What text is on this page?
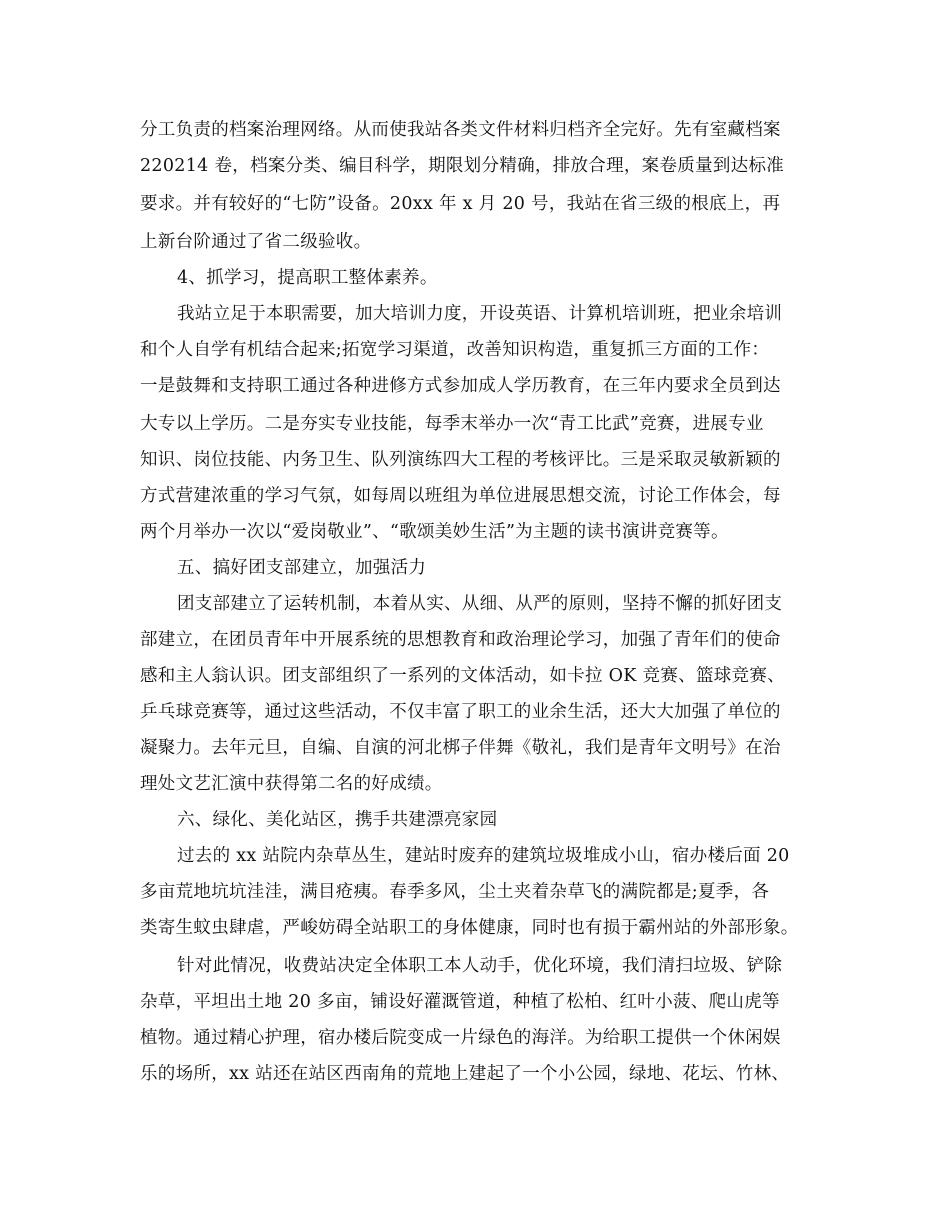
分工负责的档案治理网络。从而使我站各类文件材料归档齐全完好。先有室藏档案
220214 卷，档案分类、编目科学，期限划分精确，排放合理，案卷质量到达标准
要求。并有较好的“七防”设备。20xx 年 x 月 20 号，我站在省三级的根底上，再
上新台阶通过了省二级验收。
4、抓学习，提高职工整体素养。
我站立足于本职需要，加大培训力度，开设英语、计算机培训班，把业余培训
和个人自学有机结合起来;拓宽学习渠道，改善知识构造，重复抓三方面的工作：
一是鼓舞和支持职工通过各种进修方式参加成人学历教育，在三年内要求全员到达
大专以上学历。二是夯实专业技能，每季末举办一次“青工比武”竞赛，进展专业
知识、岗位技能、内务卫生、队列演练四大工程的考核评比。三是采取灵敏新颖的
方式营建浓重的学习气氛，如每周以班组为单位进展思想交流，讨论工作体会，每
两个月举办一次以“爱岗敬业”、“歌颂美妙生活”为主题的读书演讲竞赛等。
五、搞好团支部建立，加强活力
团支部建立了运转机制，本着从实、从细、从严的原则，坚持不懈的抓好团支
部建立，在团员青年中开展系统的思想教育和政治理论学习，加强了青年们的使命
感和主人翁认识。团支部组织了一系列的文体活动，如卡拉 OK 竞赛、篮球竞赛、
乒乓球竞赛等，通过这些活动，不仅丰富了职工的业余生活，还大大加强了单位的
凝聚力。去年元旦，自编、自演的河北梆子伴舞《敬礼，我们是青年文明号》在治
理处文艺汇演中获得第二名的好成绩。
六、绿化、美化站区，携手共建漂亮家园
过去的 xx 站院内杂草丛生，建站时废弃的建筑垃圾堆成小山，宿办楼后面 20
多亩荒地坑坑洼洼，满目疮痍。春季多风，尘土夹着杂草飞的满院都是;夏季，各
类寄生蚊虫肆虐，严峻妨碍全站职工的身体健康，同时也有损于霸州站的外部形象。
针对此情况，收费站决定全体职工本人动手，优化环境，我们清扫垃圾、铲除
杂草，平坦出土地 20 多亩，铺设好灌溉管道，种植了松柏、红叶小菠、爬山虎等
植物。通过精心护理，宿办楼后院变成一片绿色的海洋。为给职工提供一个休闲娱
乐的场所，xx 站还在站区西南角的荒地上建起了一个小公园，绿地、花坛、竹林、
